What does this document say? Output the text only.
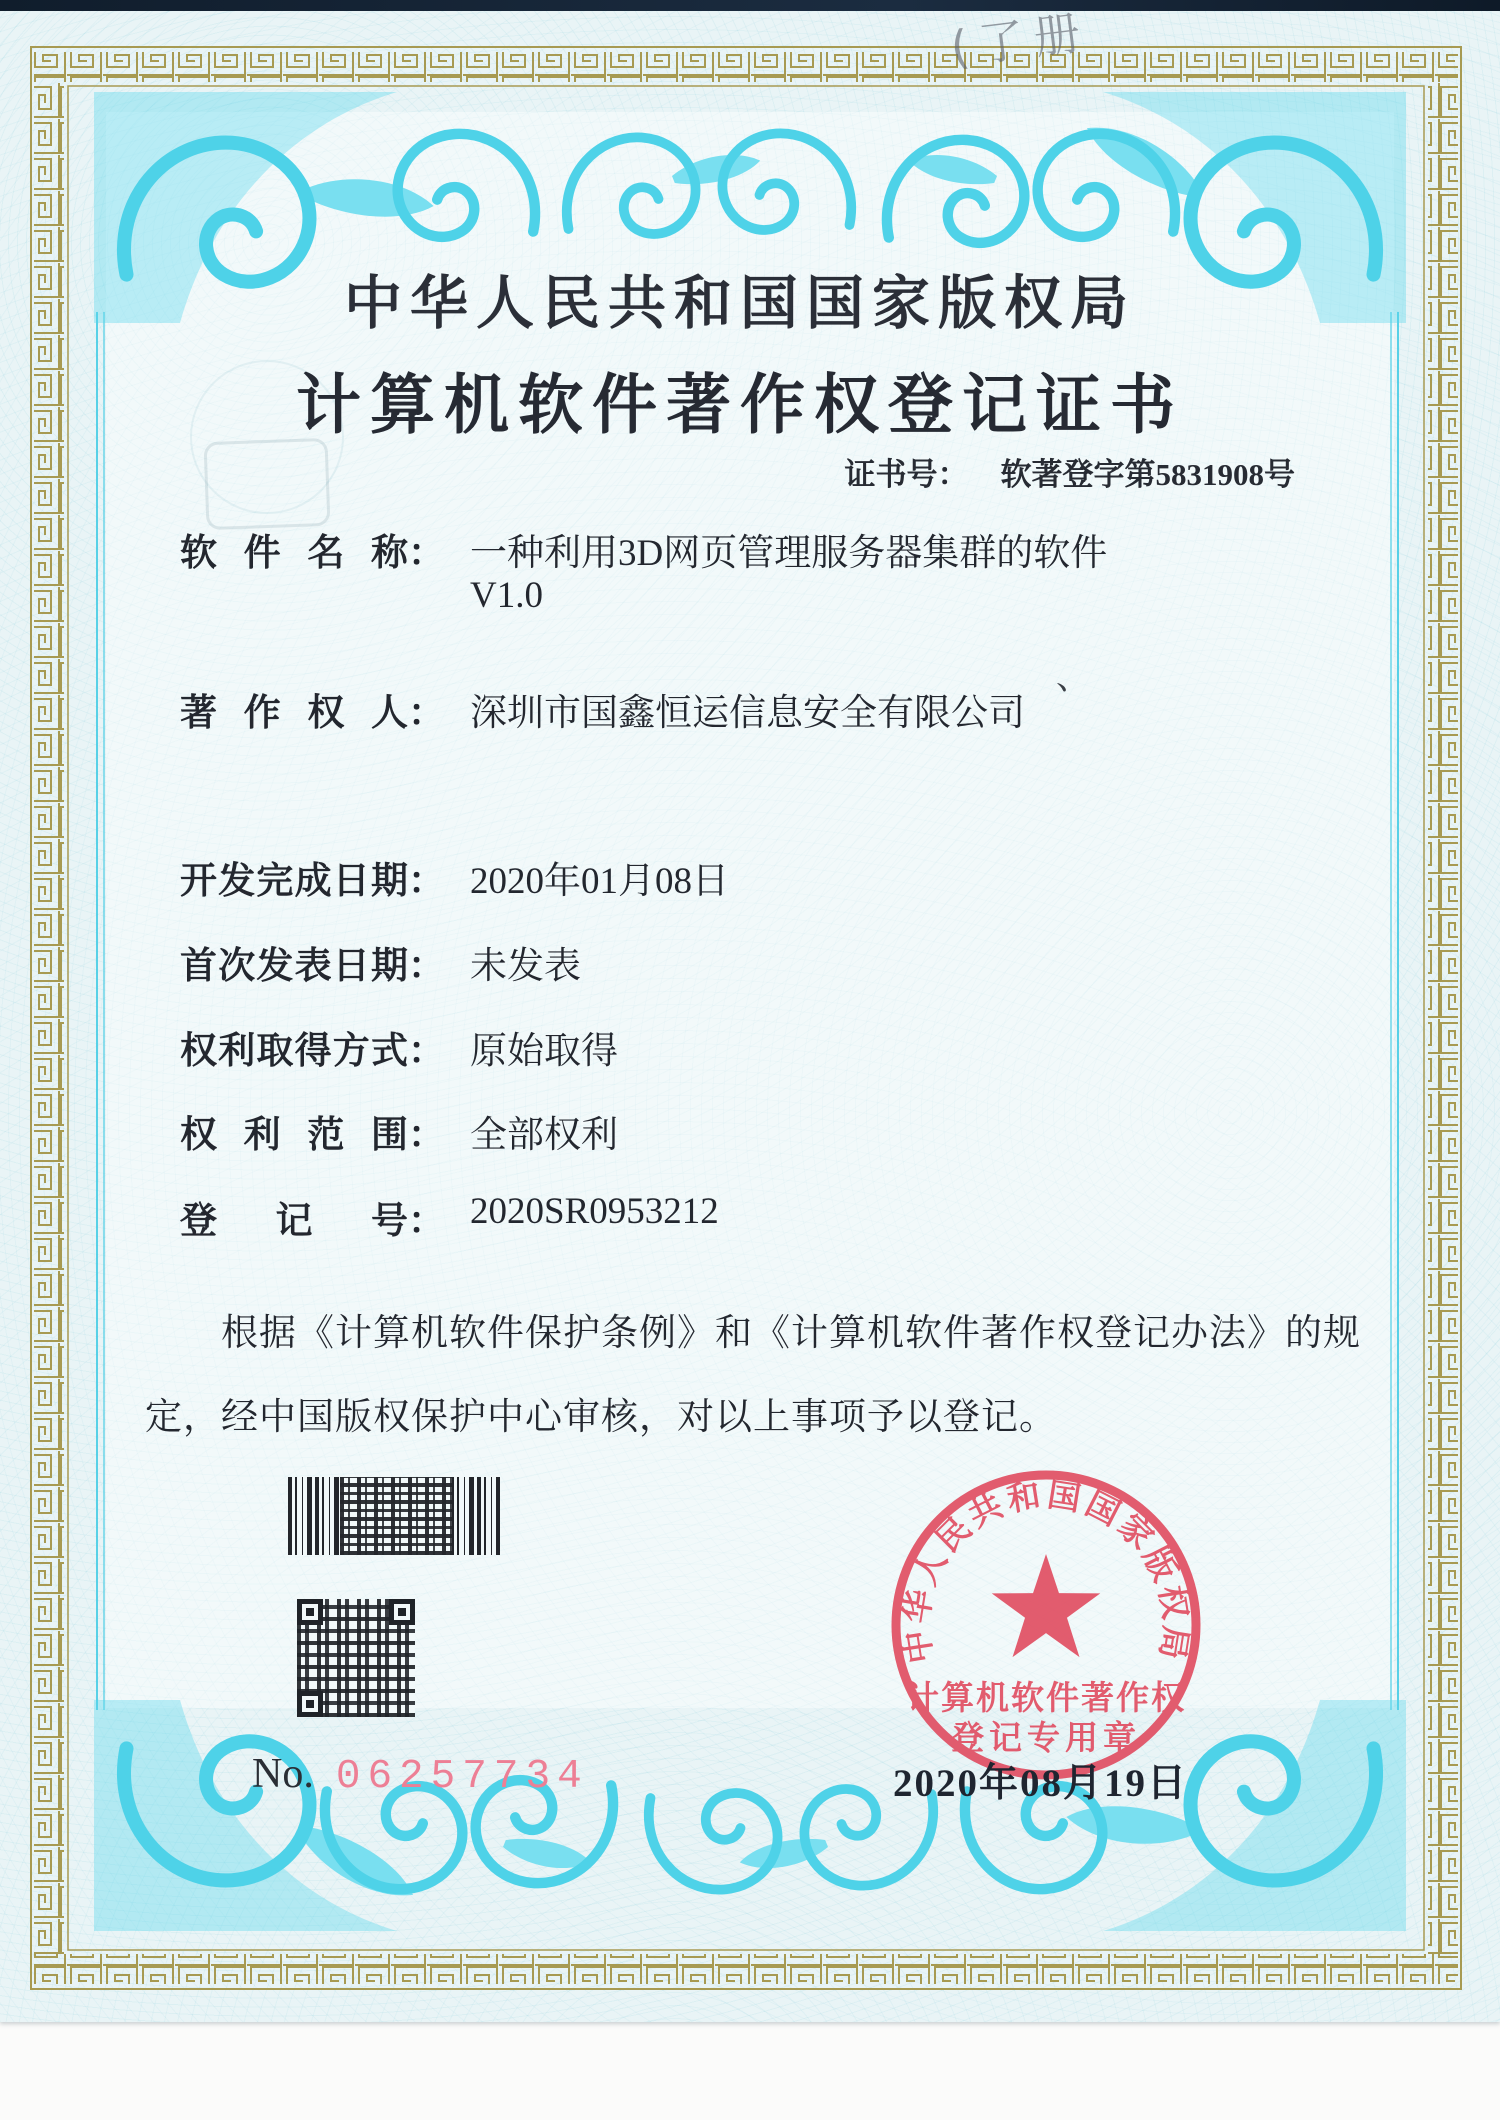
中华人民共和国国家版权局
计算机软件著作权登记证书
证书号： 软著登字第5831908号
软件名称： 一种利用3D网页管理服务器集群的软件
V1.0
著作权人： 深圳市国鑫恒运信息安全有限公司
、
开发完成日期： 2020年01月08日
首次发表日期： 未发表
权利取得方式： 原始取得
权利范围： 全部权利
登记号： 2020SR0953212
根据《计算机软件保护条例》和《计算机软件著作权登记办法》的规定，经中国版权保护中心审核，对以上事项予以登记。
No. 06257734
中华人民共和国国家版权局
计算机软件著作权
登记专用章
2020年08月19日
(了册
